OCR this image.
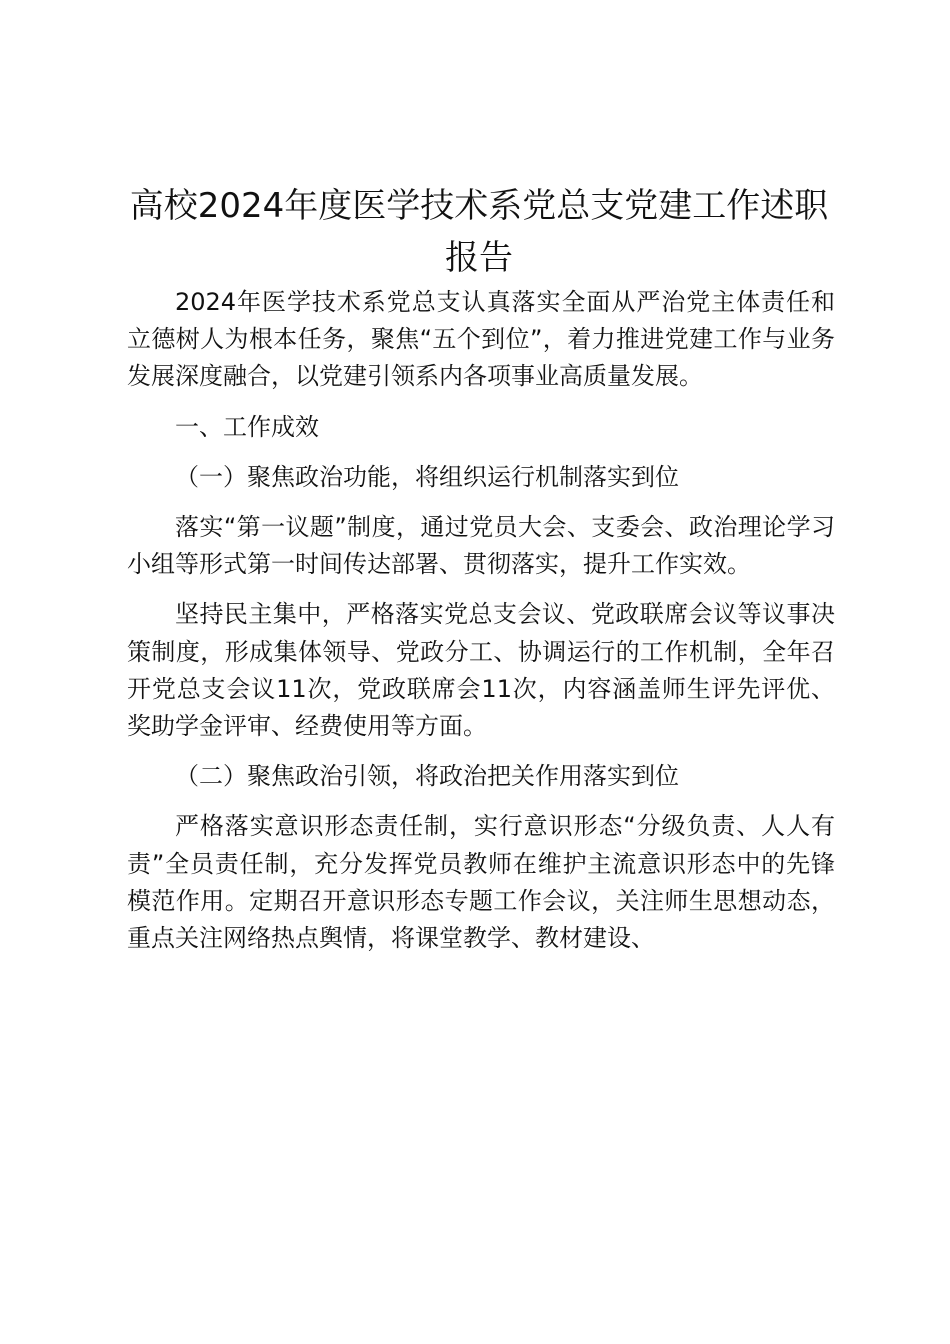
高校2024年度医学技术系党总支党建工作述职报告

2024年医学技术系党总支认真落实全面从严治党主体责任和立德树人为根本任务，聚焦“五个到位”，着力推进党建工作与业务发展深度融合，以党建引领系内各项事业高质量发展。

一、工作成效

（一）聚焦政治功能，将组织运行机制落实到位

落实“第一议题”制度，通过党员大会、支委会、政治理论学习小组等形式第一时间传达部署、贯彻落实，提升工作实效。

坚持民主集中，严格落实党总支会议、党政联席会议等议事决策制度，形成集体领导、党政分工、协调运行的工作机制，全年召开党总支会议11次，党政联席会11次，内容涵盖师生评先评优、奖助学金评审、经费使用等方面。

（二）聚焦政治引领，将政治把关作用落实到位

严格落实意识形态责任制，实行意识形态“分级负责、人人有责”全员责任制，充分发挥党员教师在维护主流意识形态中的先锋模范作用。定期召开意识形态专题工作会议，关注师生思想动态，重点关注网络热点舆情，将课堂教学、教材建设、
